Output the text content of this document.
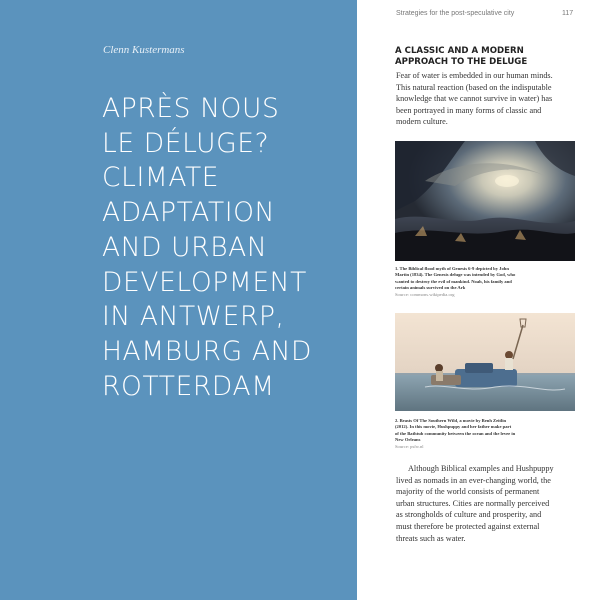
Clenn Kustermans
APRÈS NOUS
LE DÉLUGE?
CLIMATE
ADAPTATION
AND URBAN
DEVELOPMENT
IN ANTWERP,
HAMBURG AND
ROTTERDAM
Strategies for the post-speculative city	117
A CLASSIC AND A MODERN
APPROACH TO THE DELUGE

Fear of water is embedded in our human minds.
This natural reaction (based on the indisputable
knowledge that we cannot survive in water) has
been portrayed in many forms of classic and
modern culture.

1. The Biblical flood myth of Genesis 6-9 depicted by John
Martin (1834). The Genesis deluge was intended by God, who
wanted to destroy the evil of mankind. Noah, his family and
certain animals survived on the Ark
Source: commons.wikipedia.org
2. Beasts Of The Southern Wild, a movie by Benh Zeitlin
(2012). In this movie, Hushpuppy and her father make part
of the Bathtub community between the ocean and the levee in
New Orleans
Source: psfw.nl

Although Biblical examples and Hushpuppy
lived as nomads in an ever-changing world, the
majority of the world consists of permanent
urban structures. Cities are normally perceived
as strongholds of culture and prosperity, and
must therefore be protected against external
threats such as water.
